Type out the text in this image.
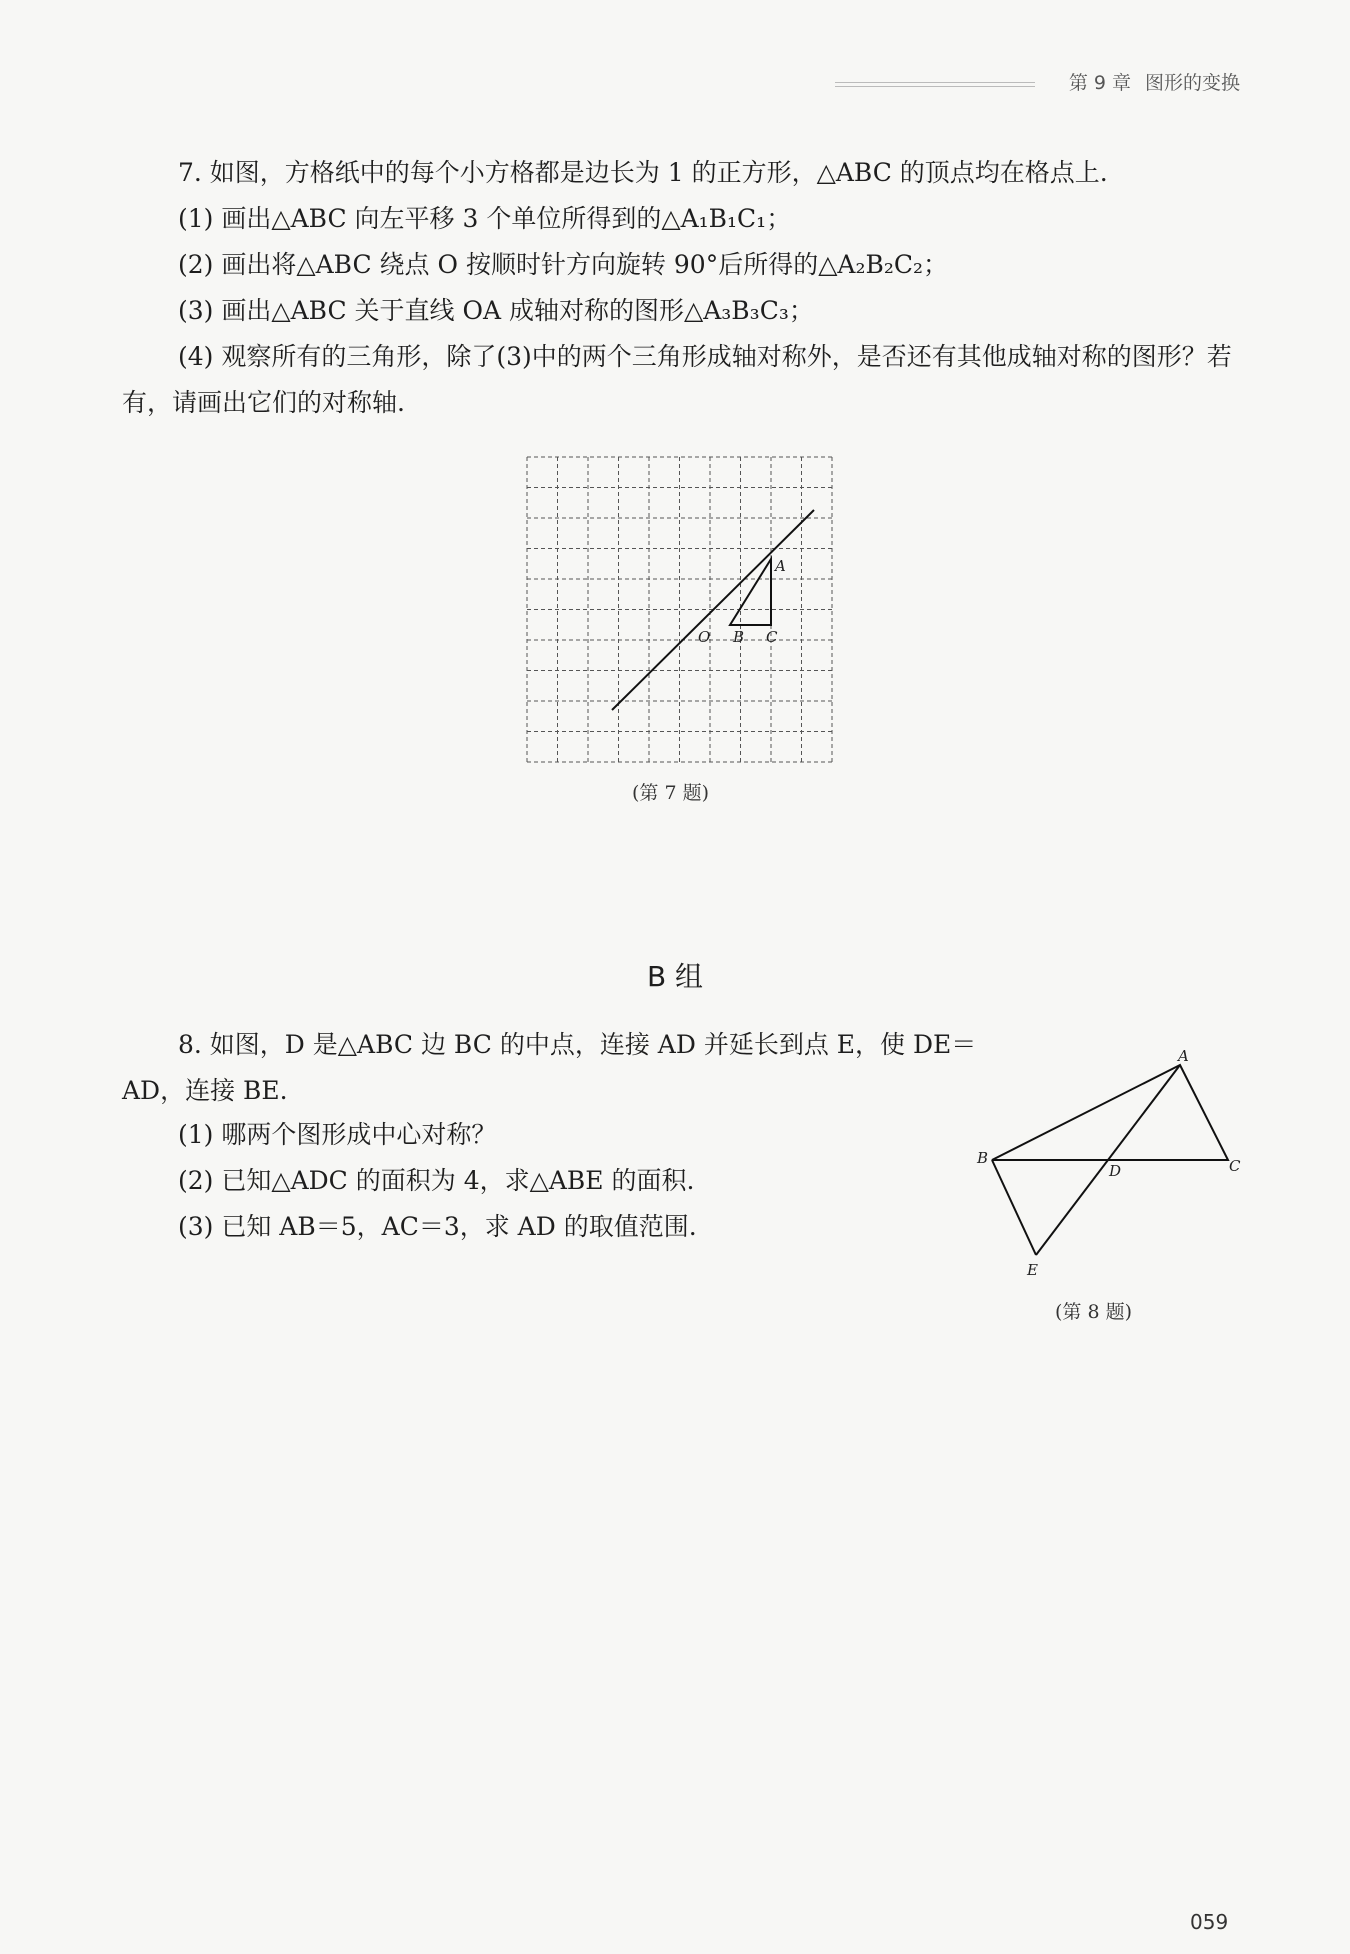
第 9 章 图形的变换
7. 如图，方格纸中的每个小方格都是边长为 1 的正方形，△ABC 的顶点均在格点上.
(1) 画出△ABC 向左平移 3 个单位所得到的△A₁B₁C₁；
(2) 画出将△ABC 绕点 O 按顺时针方向旋转 90°后所得的△A₂B₂C₂；
(3) 画出△ABC 关于直线 OA 成轴对称的图形△A₃B₃C₃；
(4) 观察所有的三角形，除了(3)中的两个三角形成轴对称外，是否还有其他成轴对称的图形？若有，请画出它们的对称轴.
A
O B C
(第 7 题)
B 组
8. 如图，D 是△ABC 边 BC 的中点，连接 AD 并延长到点 E，使 DE＝AD，连接 BE.
(1) 哪两个图形成中心对称？
(2) 已知△ADC 的面积为 4，求△ABE 的面积.
(3) 已知 AB＝5，AC＝3，求 AD 的取值范围.
A
B	C
D
E
(第 8 题)
059
